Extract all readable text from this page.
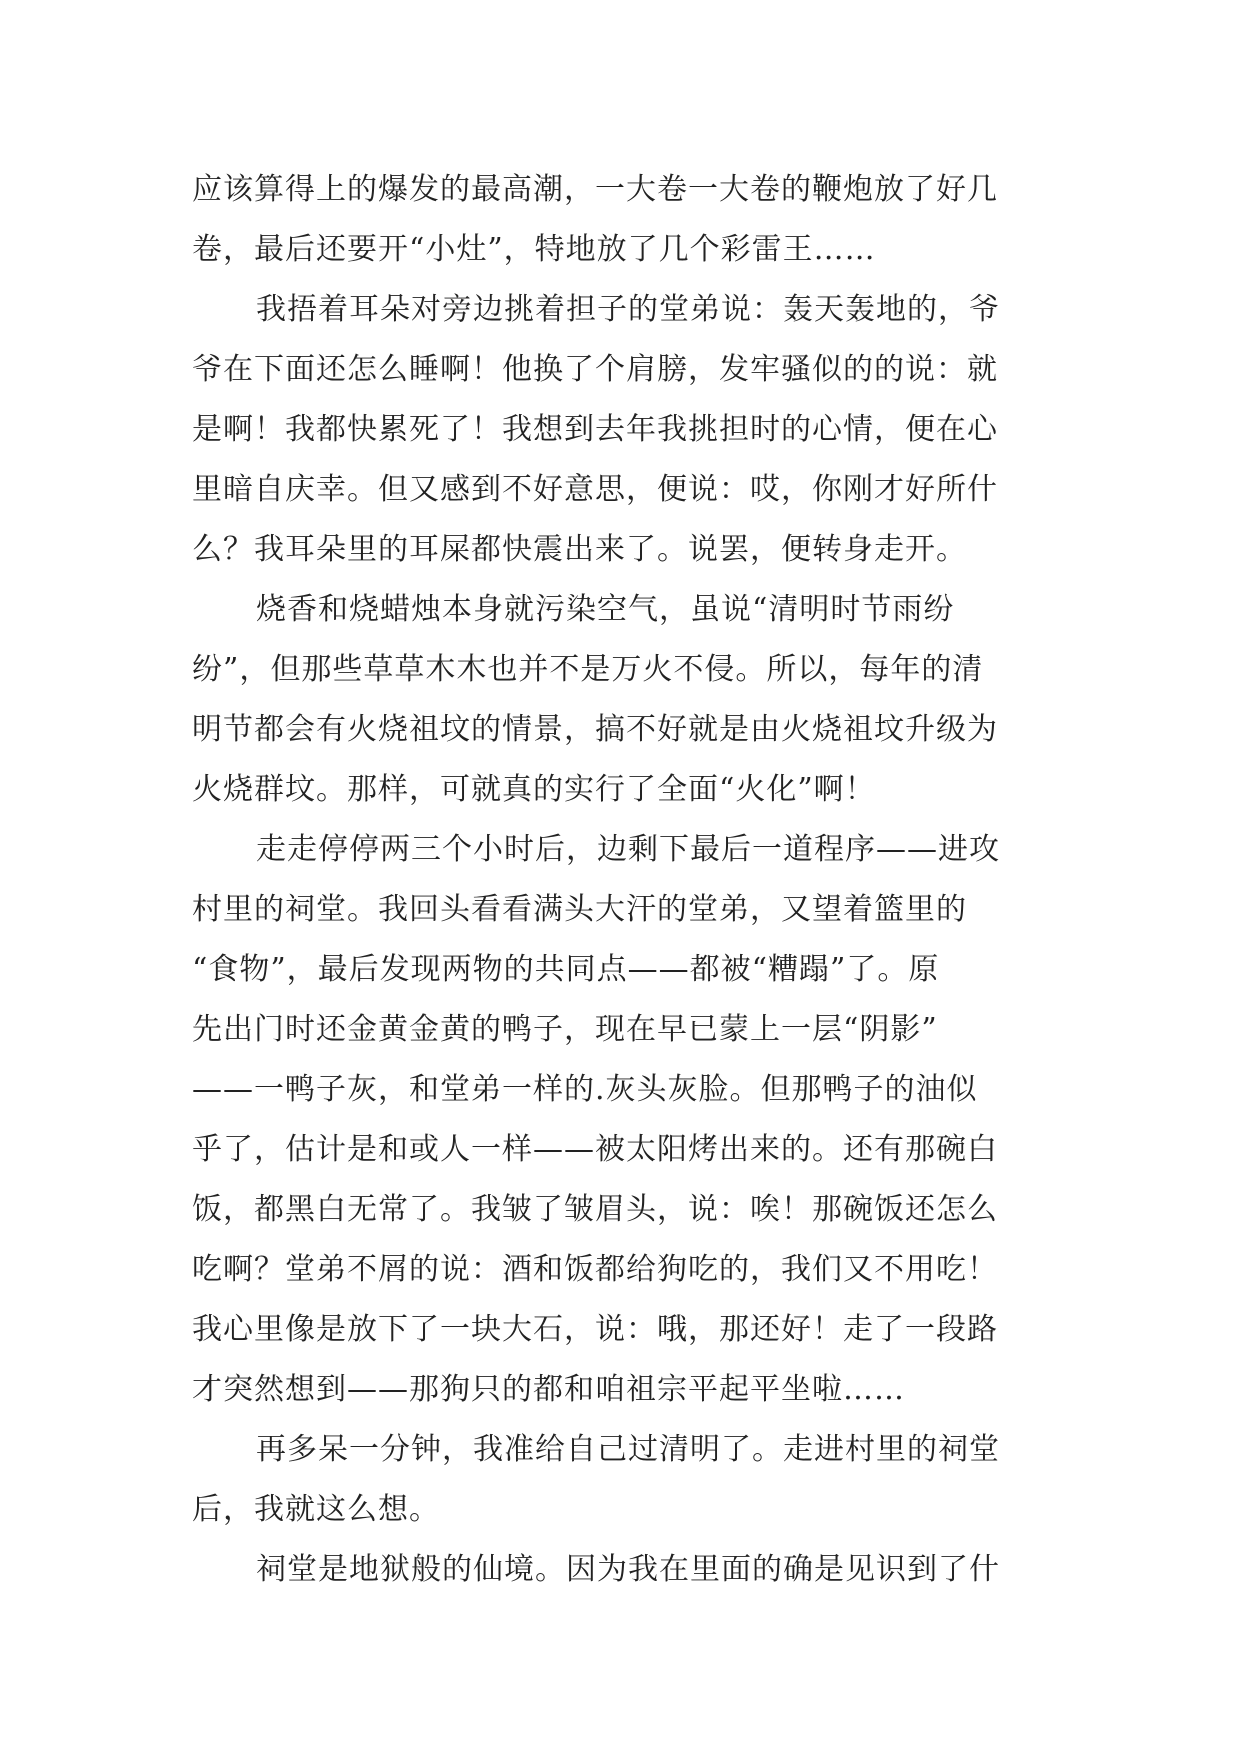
应该算得上的爆发的最高潮，一大卷一大卷的鞭炮放了好几
卷，最后还要开“小灶”，特地放了几个彩雷王……
我捂着耳朵对旁边挑着担子的堂弟说：轰天轰地的，爷
爷在下面还怎么睡啊！他换了个肩膀，发牢骚似的的说：就
是啊！我都快累死了！我想到去年我挑担时的心情，便在心
里暗自庆幸。但又感到不好意思，便说：哎，你刚才好所什
么？我耳朵里的耳屎都快震出来了。说罢，便转身走开。
烧香和烧蜡烛本身就污染空气，虽说“清明时节雨纷
纷”，但那些草草木木也并不是万火不侵。所以，每年的清
明节都会有火烧祖坟的情景，搞不好就是由火烧祖坟升级为
火烧群坟。那样，可就真的实行了全面“火化”啊！
走走停停两三个小时后，边剩下最后一道程序——进攻
村里的祠堂。我回头看看满头大汗的堂弟，又望着篮里的
“食物”，最后发现两物的共同点——都被“糟蹋”了。原
先出门时还金黄金黄的鸭子，现在早已蒙上一层“阴影”
——一鸭子灰，和堂弟一样的.灰头灰脸。但那鸭子的油似
乎了，估计是和或人一样——被太阳烤出来的。还有那碗白
饭，都黑白无常了。我皱了皱眉头，说：唉！那碗饭还怎么
吃啊？堂弟不屑的说：酒和饭都给狗吃的，我们又不用吃！
我心里像是放下了一块大石，说：哦，那还好！走了一段路
才突然想到——那狗只的都和咱祖宗平起平坐啦……
再多呆一分钟，我准给自己过清明了。走进村里的祠堂
后，我就这么想。
祠堂是地狱般的仙境。因为我在里面的确是见识到了什
